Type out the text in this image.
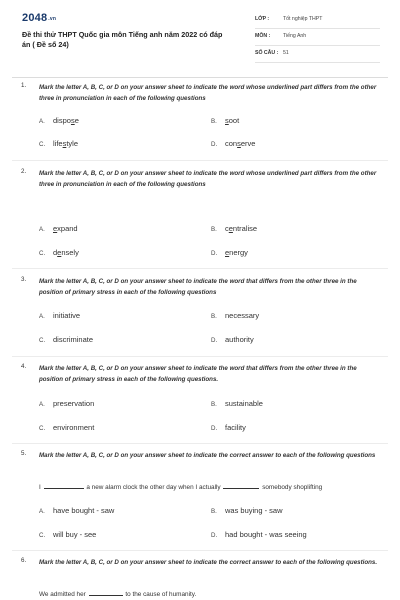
2048.vn
Đề thi thử THPT Quốc gia môn Tiếng anh năm 2022 có đáp án ( Đề số 24)
LỚP :	Tốt nghiệp THPT
MÔN : Tiếng Anh
SỐ CÂU : 51
1. Mark the letter A, B, C, or D on your answer sheet to indicate the word whose underlined part differs from the other three in pronunciation in each of the following questions
A. dispose	B. soot
C. lifestyle	D. conserve
2. Mark the letter A, B, C, or D on your answer sheet to indicate the word whose underlined part differs from the other three in pronunciation in each of the following questions
A. expand	B. centralise
C. densely	D. energy
3. Mark the letter A, B, C, or D on your answer sheet to indicate the word that differs from the other three in the position of primary stress in each of the following questions
A. initiative	B. necessary
C. discriminate	D. authority
4. Mark the letter A, B, C, or D on your answer sheet to indicate the word that differs from the other three in the position of primary stress in each of the following questions.
A. preservation	B. sustainable
C. environment	D. facility
5. Mark the letter A, B, C, or D on your answer sheet to indicate the correct answer to each of the following questions
I	a new alarm clock the other day when I actually	somebody shoplifting
A. have bought - saw	B. was buying - saw
C. will buy - see	D. had bought - was seeing
6. Mark the letter A, B, C, or D on your answer sheet to indicate the correct answer to each of the following questions.
We admitted her	to the cause of humanity.
